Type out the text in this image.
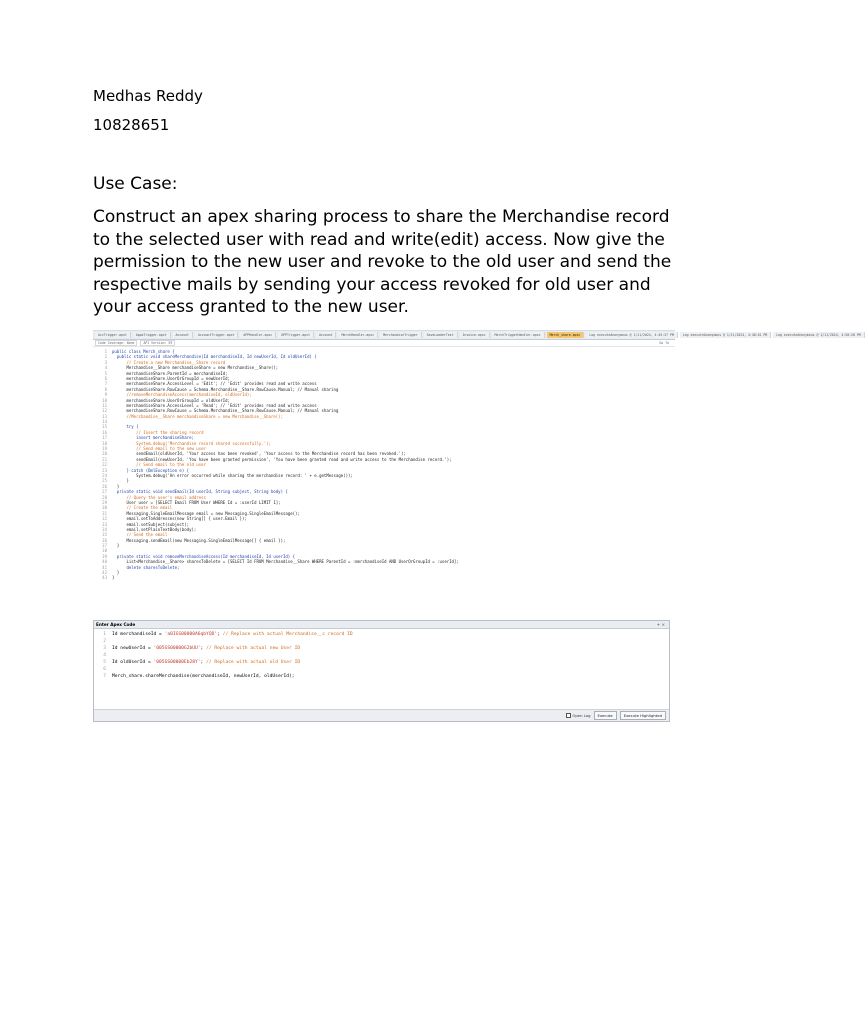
Medhas Reddy
10828651
Use Case:
Construct an apex sharing process to share the Merchandise record to the selected user with read and write(edit) access. Now give the permission to the new user and revoke to the old user and send the respective mails by sending your access revoked for old user and your access granted to the new user.
AccTrigger.apxt	OppoTrigger.apxt	Account	AccountTrigger.apxt	OPPHandler.apxc	OPPTrigger.apxt	Account	MerchHandler.apxc	MerchandiseTrigger	SaveLoaderTest	Invoice.apxc	MerchTriggerHandler.apxc	Merch_share.apxc	Log executeAnonymous @ 1/11/2024, 4:45:37 PM	Log executeAnonymous @ 1/11/2024, 4:48:01 PM	Log executeAnonymous @ 1/11/2024, 4:50:28 PM
Code Coverage: None	API Version: 59	Go To
1	public class Merch_share {
2	public static void shareMerchandise(Id merchandiseId, Id newUserId, Id oldUserId) {
3	// Create a new Merchandise__Share record
4	Merchandise__Share merchandiseShare = new Merchandise__Share();
5	merchandiseShare.ParentId = merchandiseId;
6	merchandiseShare.UserOrGroupId = newUserId;
7	merchandiseShare.AccessLevel = 'Edit'; // 'Edit' provides read and write access
8	merchandiseShare.RowCause = Schema.Merchandise__Share.RowCause.Manual; // Manual sharing
9	//removeMerchandiseAccess(merchandiseId, oldUserId);
10	merchandiseShare.UserOrGroupId = oldUserId;
11	merchandiseShare.AccessLevel = 'Read'; // 'Edit' provides read and write access
12	merchandiseShare.RowCause = Schema.Merchandise__Share.RowCause.Manual; // Manual sharing
13	//Merchandise__Share merchandiseShare = new Merchandise__Share();
14
15	try {
16	// Insert the sharing record
17	insert merchandiseShare;
18	System.debug('Merchandise record shared successfully.');
19	// Send email to the new user
20	sendEmail(oldUserId, 'Your access has been revoked', 'Your access to the Merchandise record has been revoked.');
21	sendEmail(newUserId, 'You have been granted permission', 'You have been granted read and write access to the Merchandise record.');
22	// Send email to the old user
23	} catch (DmlException e) {
24	System.debug('An error occurred while sharing the merchandise record: ' + e.getMessage());
25	}
26	}
27	private static void sendEmail(Id userId, String subject, String body) {
28	// Query the user's email address
29	User user = [SELECT Email FROM User WHERE Id = :userId LIMIT 1];
30	// Create the email
31	Messaging.SingleEmailMessage email = new Messaging.SingleEmailMessage();
32	email.setToAddresses(new String[] { user.Email });
33	email.setSubject(subject);
34	email.setPlainTextBody(body);
35	// Send the email
36	Messaging.sendEmail(new Messaging.SingleEmailMessage[] { email });
37	}
38
39	private static void removeMerchandiseAccess(Id merchandiseId, Id userId) {
40	List<Merchandise__Share> sharesToDelete = [SELECT Id FROM Merchandise__Share WHERE ParentId = :merchandiseId AND UserOrGroupId = :userId];
41	delete sharesToDelete;
42	}
43	}
Enter Apex Code	+ ×
1	Id merchandiseId = 'a0IGS00000A6qbYQD' ; // Replace with actual Merchandise__c record ID
2
3	Id newUserId = '005GS00000G2bUU' ; // Replace with actual new User ID
4
5	Id oldUserId = '005GS00000Eb28Y' ; // Replace with actual old User ID
6
7	Merch_share.shareMerchandise(merchandiseId, newUserId, oldUserId);
Open Log	Execute	Execute Highlighted
